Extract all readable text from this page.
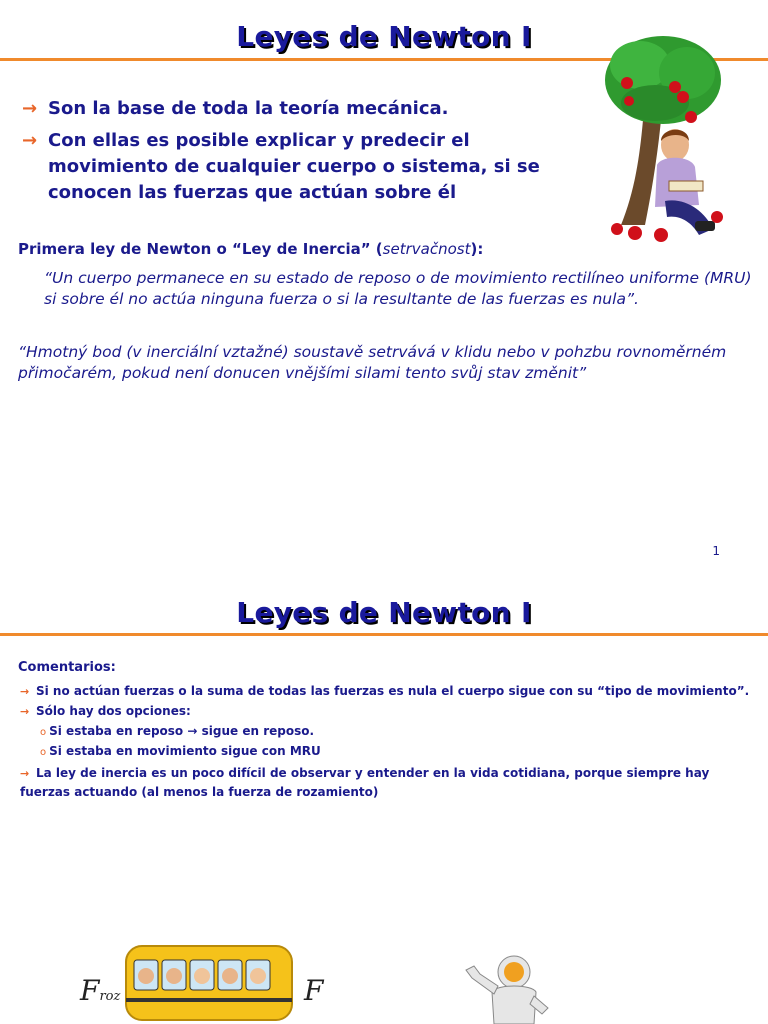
Leyes de Newton I
→ Son la base de toda la teoría mecánica.
→ Con ellas es posible explicar y predecir el movimiento de cualquier cuerpo o sistema, si se conocen las fuerzas que actúan sobre él
Primera ley de Newton o “Ley de Inercia” (setrvačnost):
“Un cuerpo permanece en su estado de reposo o de movimiento rectilíneo uniforme (MRU) si sobre él no actúa ninguna fuerza o si la resultante de las fuerzas es nula”.
“Hmotný bod (v inerciální vztažné) soustavě setrvává v klidu nebo v pohzbu rovnoměrném přimočarém, pokud není donucen vnějšími silami tento svůj stav změnit”
1
Leyes de Newton I
Comentarios:
→ Si no actúan fuerzas o la suma de todas las fuerzas es nula el cuerpo sigue con su “tipo de movimiento”.
→ Sólo hay dos opciones:
o Si estaba en reposo → sigue en reposo.
o Si estaba en movimiento sigue con MRU
→ La ley de inercia es un poco difícil de observar y entender en la vida cotidiana, porque siempre hay fuerzas actuando (al menos la fuerza de rozamiento)
Froz	F
